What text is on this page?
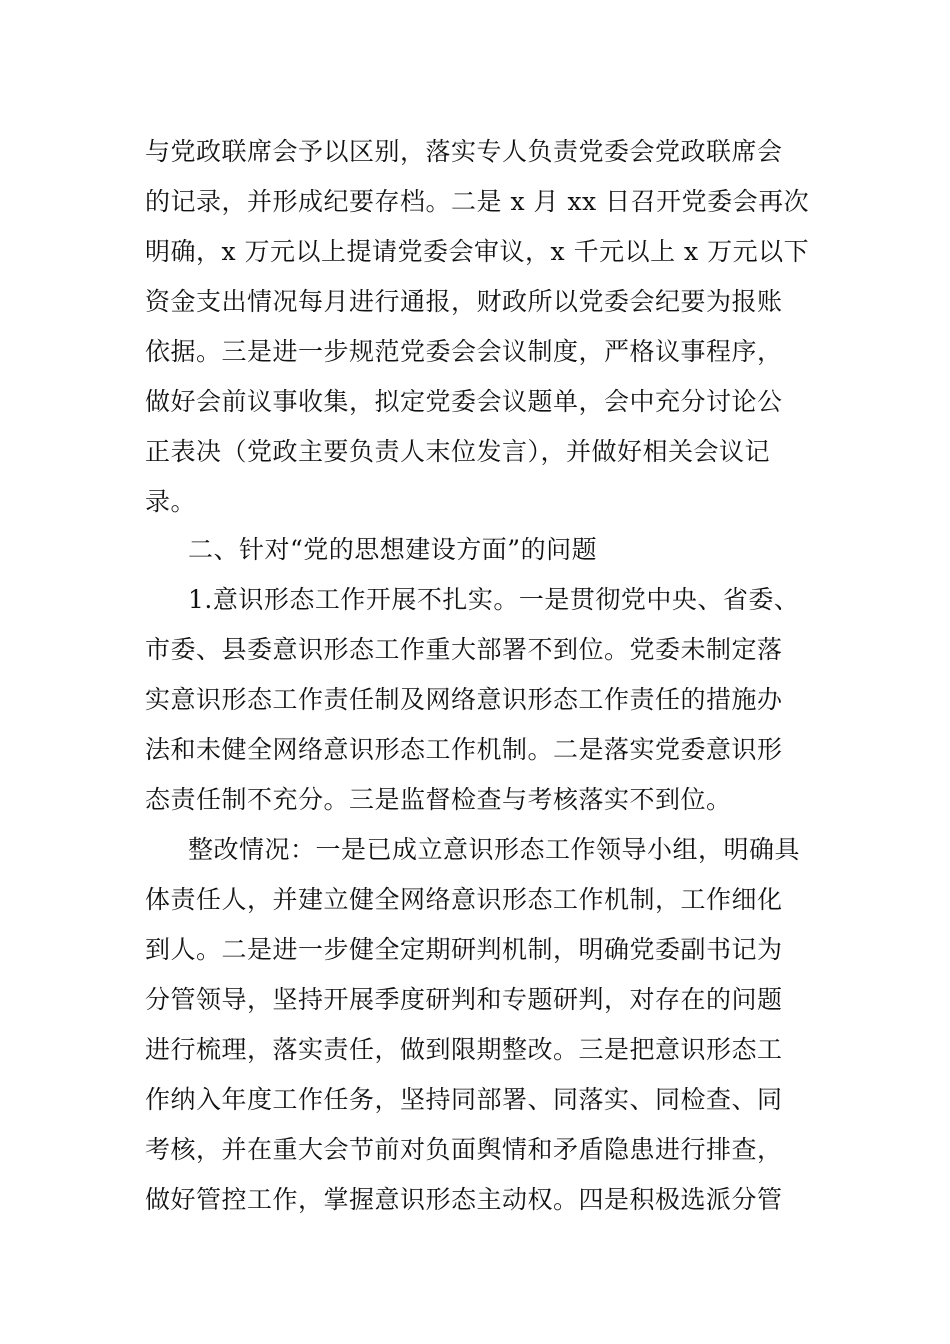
与党政联席会予以区别，落实专人负责党委会党政联席会
的记录，并形成纪要存档。二是 x 月 xx 日召开党委会再次
明确，x 万元以上提请党委会审议，x 千元以上 x 万元以下
资金支出情况每月进行通报，财政所以党委会纪要为报账
依据。三是进一步规范党委会会议制度，严格议事程序，
做好会前议事收集，拟定党委会议题单，会中充分讨论公
正表决（党政主要负责人末位发言），并做好相关会议记
录。
二、针对“党的思想建设方面”的问题
1.意识形态工作开展不扎实。一是贯彻党中央、省委、
市委、县委意识形态工作重大部署不到位。党委未制定落
实意识形态工作责任制及网络意识形态工作责任的措施办
法和未健全网络意识形态工作机制。二是落实党委意识形
态责任制不充分。三是监督检查与考核落实不到位。
整改情况：一是已成立意识形态工作领导小组，明确具
体责任人，并建立健全网络意识形态工作机制，工作细化
到人。二是进一步健全定期研判机制，明确党委副书记为
分管领导，坚持开展季度研判和专题研判，对存在的问题
进行梳理，落实责任，做到限期整改。三是把意识形态工
作纳入年度工作任务，坚持同部署、同落实、同检查、同
考核，并在重大会节前对负面舆情和矛盾隐患进行排查，
做好管控工作，掌握意识形态主动权。四是积极选派分管
